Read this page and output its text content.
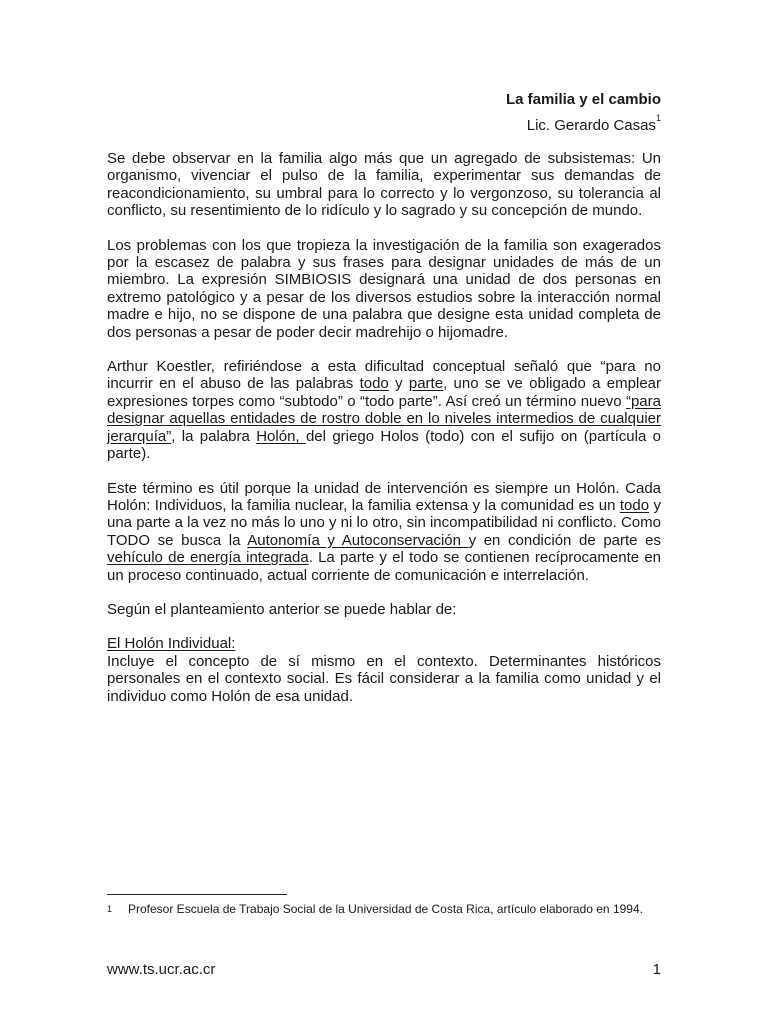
La familia y el cambio
Lic. Gerardo Casas$^1$

Se debe observar en la familia algo más que un agregado de subsistemas: Un organismo, vivenciar el pulso de la familia, experimentar sus demandas de reacondicionamiento, su umbral para lo correcto y lo vergonzoso, su tolerancia al conflicto, su resentimiento de lo ridículo y lo sagrado y su concepción de mundo.

Los problemas con los que tropieza la investigación de la familia son exagerados por la escasez de palabra y sus frases para designar unidades de más de un miembro. La expresión SIMBIOSIS designará una unidad de dos personas en extremo patológico y a pesar de los diversos estudios sobre la interacción normal madre e hijo, no se dispone de una palabra que designe esta unidad completa de dos personas a pesar de poder decir madrehijo o hijomadre.

Arthur Koestler, refiriéndose a esta dificultad conceptual señaló que “para no incurrir en el abuso de las palabras todo y parte, uno se ve obligado a emplear expresiones torpes como “subtodo” o “todo parte”. Así creó un término nuevo “para designar aquellas entidades de rostro doble en lo niveles intermedios de cualquier jerarquía”, la palabra Holón, del griego Holos (todo) con el sufijo on (partícula o parte).

Este término es útil porque la unidad de intervención es siempre un Holón. Cada Holón: Individuos, la familia nuclear, la familia extensa y la comunidad es un todo y una parte a la vez no más lo uno y ni lo otro, sin incompatibilidad ni conflicto. Como TODO se busca la Autonomía y Autoconservación y en condición de parte es vehículo de energía integrada. La parte y el todo se contienen recíprocamente en un proceso continuado, actual corriente de comunicación e interrelación.

Según el planteamiento anterior se puede hablar de:

El Holón Individual:

Incluye el concepto de sí mismo en el contexto. Determinantes históricos personales en el contexto social. Es fácil considerar a la familia como unidad y el individuo como Holón de esa unidad.

1 Profesor Escuela de Trabajo Social de la Universidad de Costa Rica, artículo elaborado en 1994.
www.ts.ucr.ac.cr	1
